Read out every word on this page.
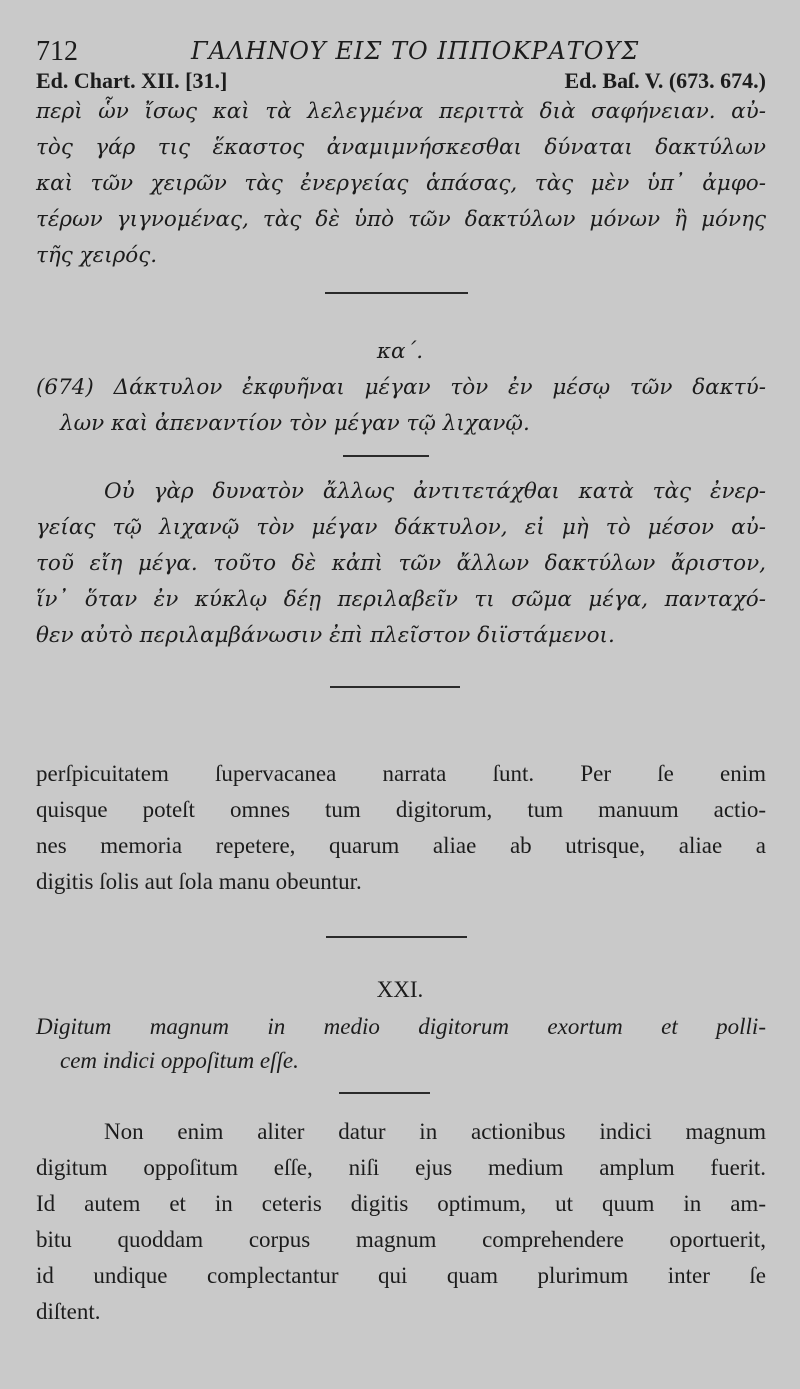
712	ΓΑΛΗΝΟΥ ΕΙΣ ΤΟ ΙΠΠΟΚΡΑΤΟΥΣ
Ed. Chart. XII. [31.]	Ed. Baſ. V. (673. 674.)
περὶ ὧν ἴσως καὶ τὰ λελεγμένα περιττὰ διὰ σαφήνειαν. αὐ-
τὸς γάρ τις ἕκαστος ἀναμιμνήσκεσθαι δύναται δακτύλων
καὶ τῶν χειρῶν τὰς ἐνεργείας ἁπάσας, τὰς μὲν ὑπ᾽ ἀμφο-
τέρων γιγνομένας, τὰς δὲ ὑπὸ τῶν δακτύλων μόνων ἢ μόνης
τῆς χειρός.
κα΄.
(674) Δάκτυλον ἐκφυῆναι μέγαν τὸν ἐν μέσῳ τῶν δακτύ-
λων καὶ ἀπεναντίον τὸν μέγαν τῷ λιχανῷ.
Οὐ γὰρ δυνατὸν ἄλλως ἀντιτετάχθαι κατὰ τὰς ἐνερ-
γείας τῷ λιχανῷ τὸν μέγαν δάκτυλον, εἰ μὴ τὸ μέσον αὐ-
τοῦ εἴη μέγα. τοῦτο δὲ κἀπὶ τῶν ἄλλων δακτύλων ἄριστον,
ἵν᾽ ὅταν ἐν κύκλῳ δέῃ περιλαβεῖν τι σῶμα μέγα, πανταχό-
θεν αὐτὸ περιλαμβάνωσιν ἐπὶ πλεῖστον διϊστάμενοι.
perſpicuitatem ſupervacanea narrata ſunt. Per ſe enim
quisque poteſt omnes tum digitorum, tum manuum actio-
nes memoria repetere, quarum aliae ab utrisque, aliae a
digitis ſolis aut ſola manu obeuntur.
XXI.
Digitum magnum in medio digitorum exortum et polli-
cem indici oppoſitum eſſe.
Non enim aliter datur in actionibus indici magnum
digitum oppoſitum eſſe, niſi ejus medium amplum fuerit.
Id autem et in ceteris digitis optimum, ut quum in am-
bitu quoddam corpus magnum comprehendere oportuerit,
id undique complectantur qui quam plurimum inter ſe
diſtent.
